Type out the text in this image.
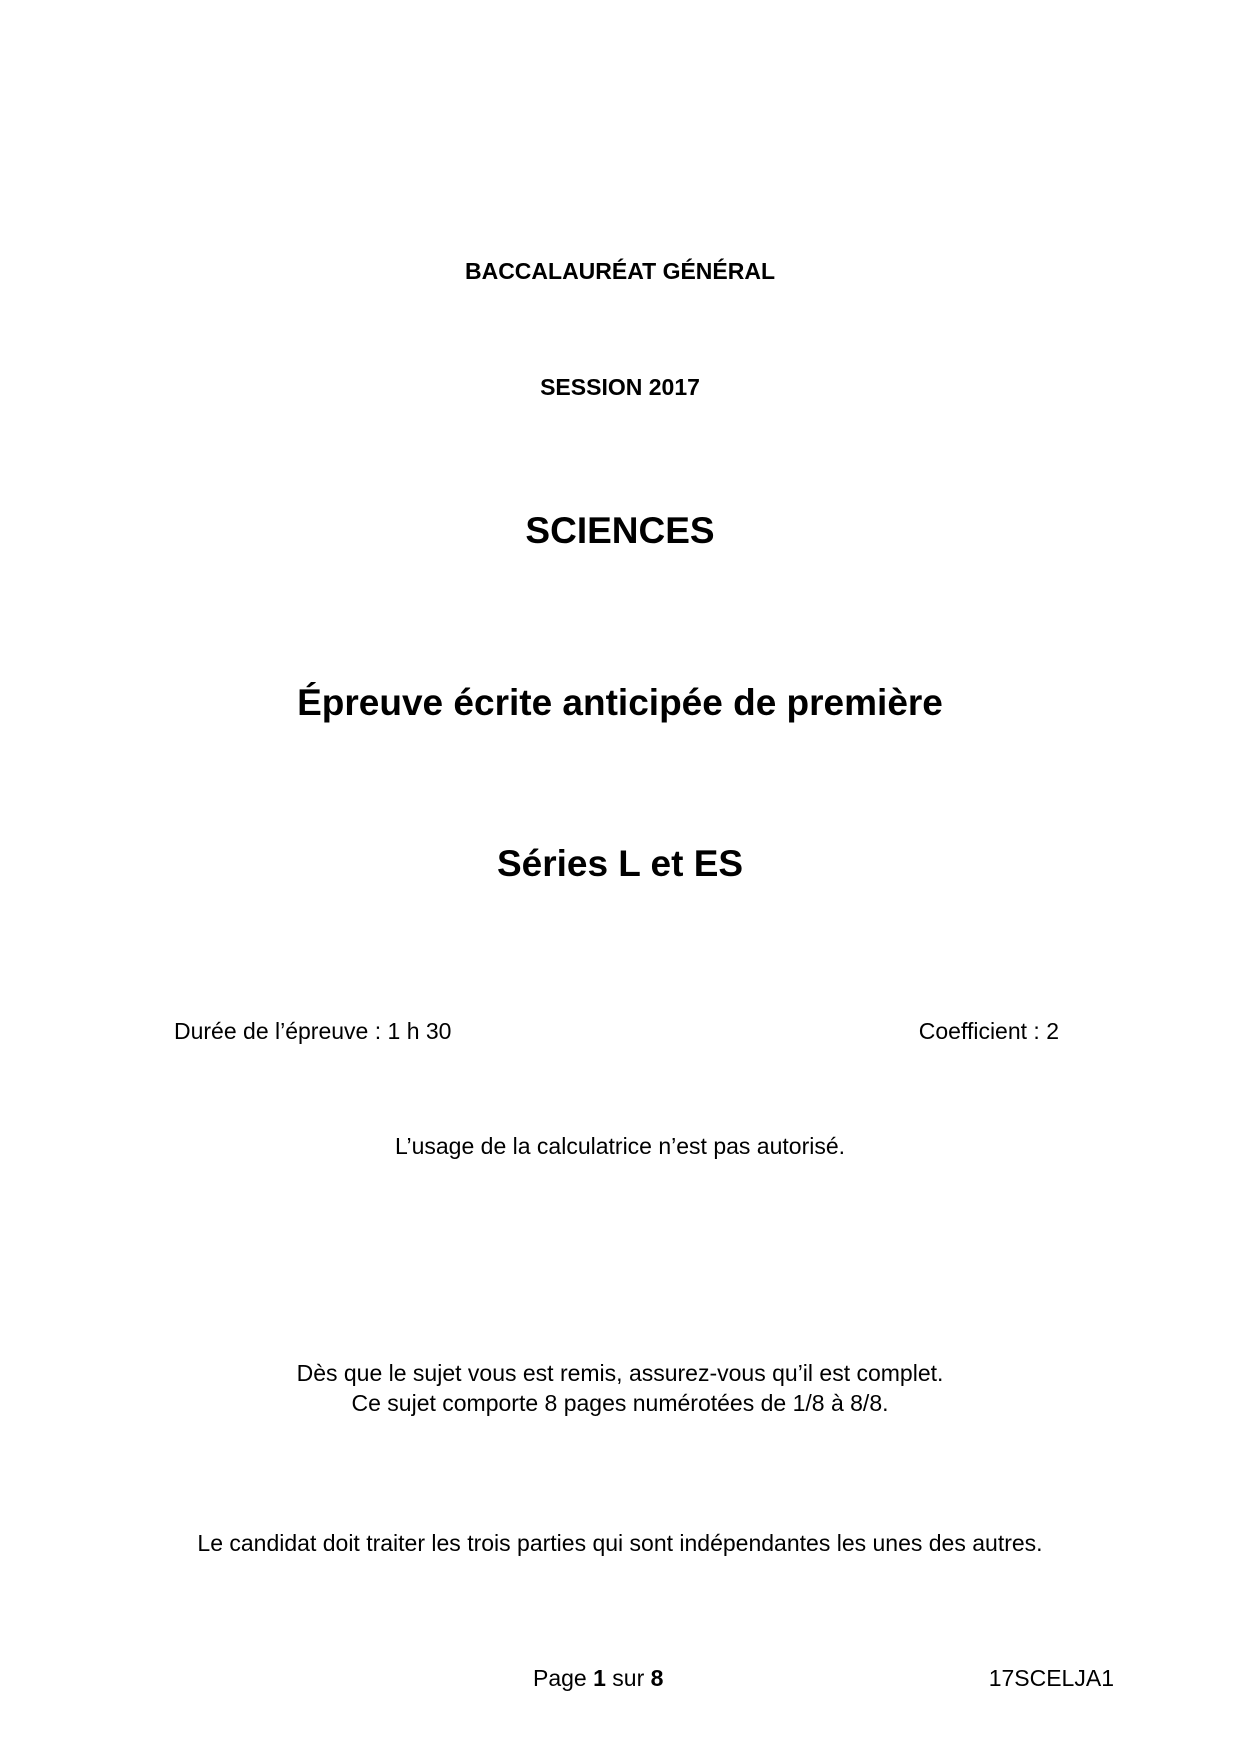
BACCALAURÉAT GÉNÉRAL
SESSION 2017
SCIENCES
Épreuve écrite anticipée de première
Séries L et ES
Durée de l’épreuve : 1 h 30	Coefficient : 2
L’usage de la calculatrice n’est pas autorisé.
Dès que le sujet vous est remis, assurez-vous qu’il est complet.
Ce sujet comporte 8 pages numérotées de 1/8 à 8/8.
Le candidat doit traiter les trois parties qui sont indépendantes les unes des autres.
Page 1 sur 8	17SCELJA1
